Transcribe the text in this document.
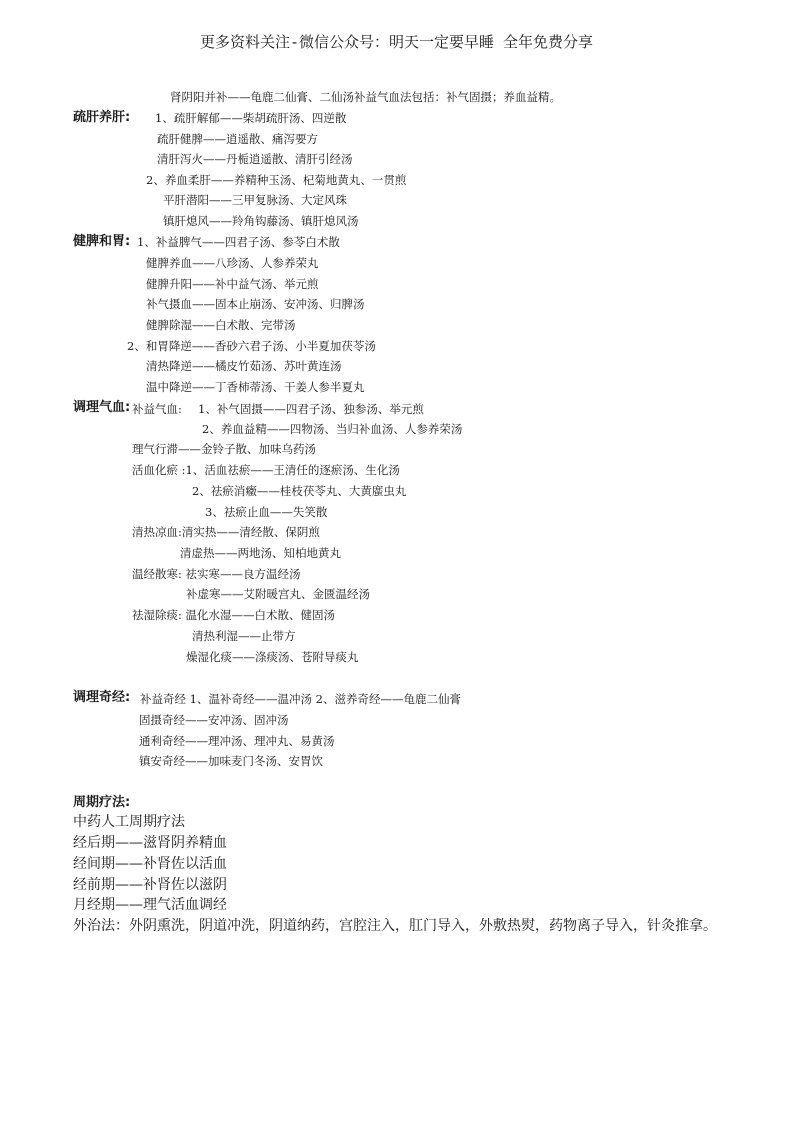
更多资料关注-微信公众号：明天一定要早睡 全年免费分享
肾阴阳并补——龟鹿二仙膏、二仙汤补益气血法包括：补气固摄；养血益精。
疏肝养肝: 1、疏肝解郁——柴胡疏肝汤、四逆散
疏肝健脾——逍遥散、痛泻要方
清肝泻火——丹栀逍遥散、清肝引经汤
2、养血柔肝——养精种玉汤、杞菊地黄丸、一贯煎
平肝潜阳——三甲复脉汤、大定风珠
镇肝熄风——羚角钩藤汤、镇肝熄风汤
健脾和胃: 1、补益脾气——四君子汤、参苓白术散
健脾养血——八珍汤、人参养荣丸
健脾升阳——补中益气汤、举元煎
补气摄血——固本止崩汤、安冲汤、归脾汤
健脾除湿——白术散、完带汤
2、和胃降逆——香砂六君子汤、小半夏加茯苓汤
清热降逆——橘皮竹茹汤、苏叶黄连汤
温中降逆——丁香柿蒂汤、干姜人参半夏丸
调理气血: 补益气血: 1、补气固摄——四君子汤、独参汤、举元煎
2、养血益精——四物汤、当归补血汤、人参养荣汤
理气行滞——金铃子散、加味乌药汤
活血化瘀 :1、活血祛瘀——王清任的逐瘀汤、生化汤
2、祛瘀消癥——桂枝茯苓丸、大黄䗪虫丸
3、祛瘀止血——失笑散
清热凉血:清实热——清经散、保阴煎
清虚热——两地汤、知柏地黄丸
温经散寒: 祛实寒——良方温经汤
补虚寒——艾附暖宫丸、金匮温经汤
祛湿除痰: 温化水湿——白术散、健固汤
清热利湿——止带方
燥湿化痰——涤痰汤、苍附导痰丸
调理奇经: 补益奇经 1、温补奇经——温冲汤 2、滋养奇经——龟鹿二仙膏
固摄奇经——安冲汤、固冲汤
通利奇经——理冲汤、理冲丸、易黄汤
镇安奇经——加味麦门冬汤、安胃饮
周期疗法:
中药人工周期疗法
经后期——滋肾阴养精血
经间期——补肾佐以活血
经前期——补肾佐以滋阴
月经期——理气活血调经
外治法：外阴熏洗，阴道冲洗，阴道纳药，宫腔注入，肛门导入，外敷热熨，药物离子导入，针灸推拿。
